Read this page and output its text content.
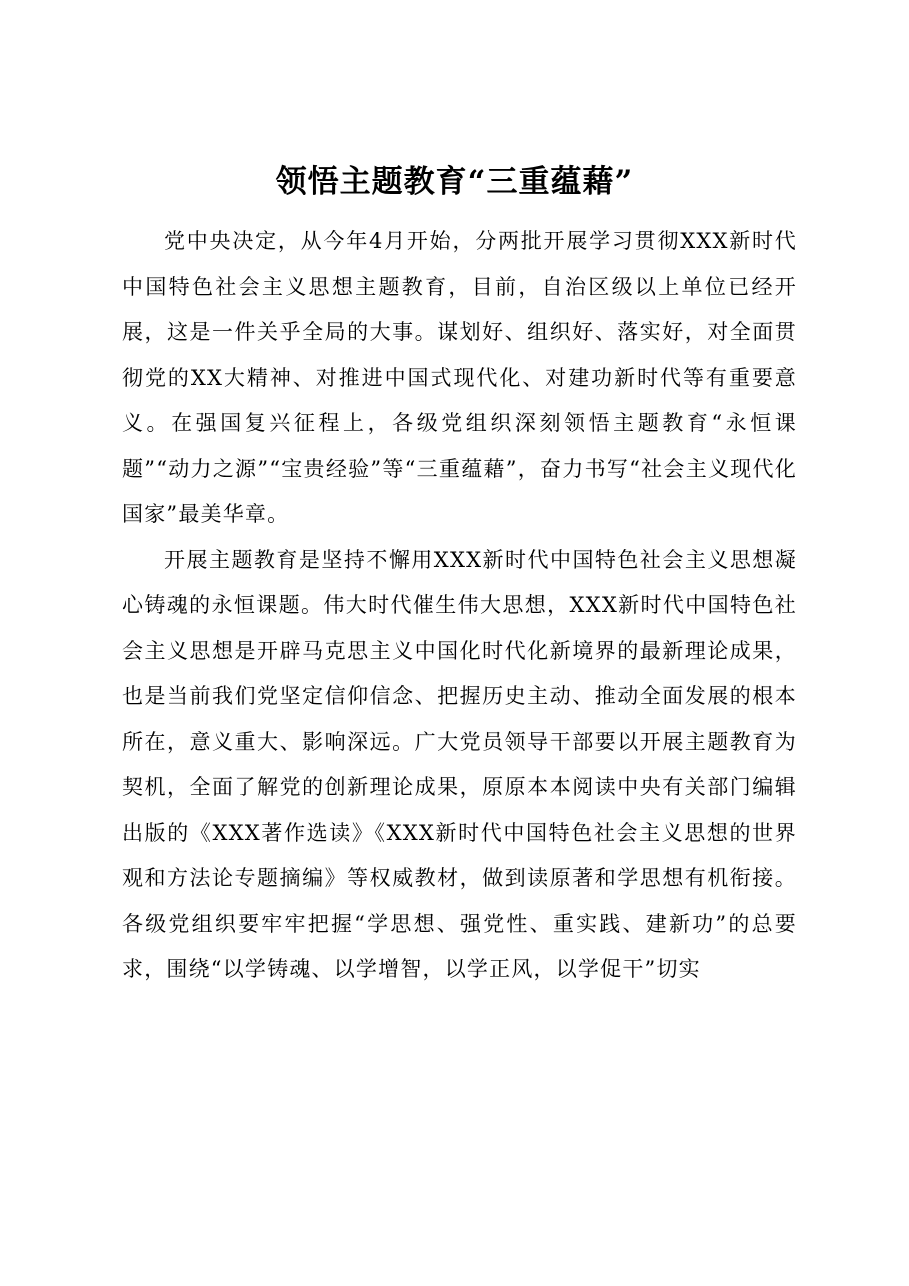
领悟主题教育“三重蕴藉”

党中央决定，从今年4月开始，分两批开展学习贯彻XXX新时代中国特色社会主义思想主题教育，目前，自治区级以上单位已经开展，这是一件关乎全局的大事。谋划好、组织好、落实好，对全面贯彻党的XX大精神、对推进中国式现代化、对建功新时代等有重要意义。在强国复兴征程上，各级党组织深刻领悟主题教育“永恒课题”“动力之源”“宝贵经验”等“三重蕴藉”，奋力书写“社会主义现代化国家”最美华章。

开展主题教育是坚持不懈用XXX新时代中国特色社会主义思想凝心铸魂的永恒课题。伟大时代催生伟大思想，XXX新时代中国特色社会主义思想是开辟马克思主义中国化时代化新境界的最新理论成果，也是当前我们党坚定信仰信念、把握历史主动、推动全面发展的根本所在，意义重大、影响深远。广大党员领导干部要以开展主题教育为契机，全面了解党的创新理论成果，原原本本阅读中央有关部门编辑出版的《XXX著作选读》《XXX新时代中国特色社会主义思想的世界观和方法论专题摘编》等权威教材，做到读原著和学思想有机衔接。各级党组织要牢牢把握“学思想、强党性、重实践、建新功”的总要求，围绕“以学铸魂、以学增智，以学正风，以学促干”切实
